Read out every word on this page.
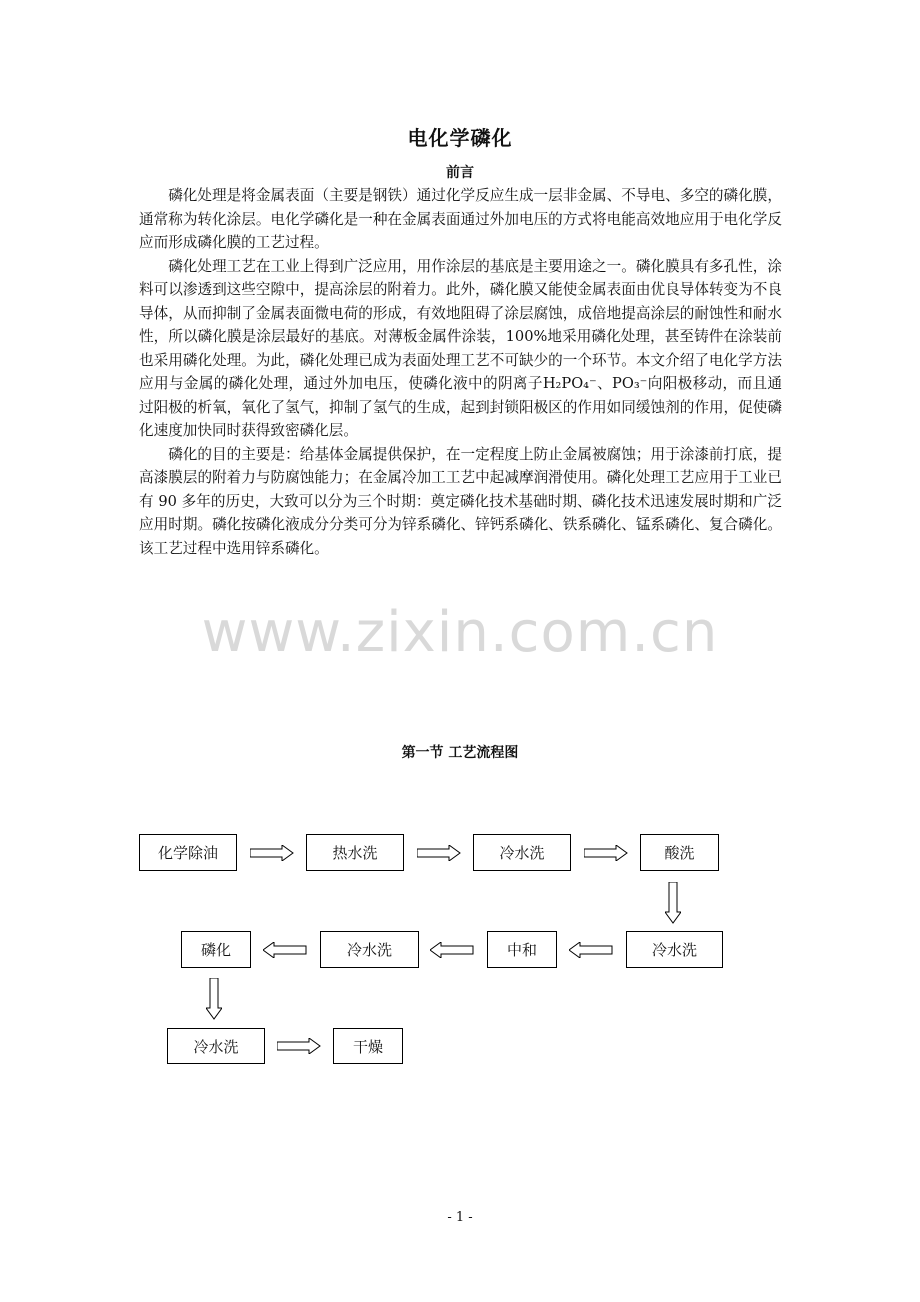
电化学磷化
前言

磷化处理是将金属表面（主要是钢铁）通过化学反应生成一层非金属、不导电、多空的磷化膜，通常称为转化涂层。电化学磷化是一种在金属表面通过外加电压的方式将电能高效地应用于电化学反应而形成磷化膜的工艺过程。

磷化处理工艺在工业上得到广泛应用，用作涂层的基底是主要用途之一。磷化膜具有多孔性，涂料可以渗透到这些空隙中，提高涂层的附着力。此外，磷化膜又能使金属表面由优良导体转变为不良导体，从而抑制了金属表面微电荷的形成，有效地阻碍了涂层腐蚀，成倍地提高涂层的耐蚀性和耐水性，所以磷化膜是涂层最好的基底。对薄板金属件涂装，100%地采用磷化处理，甚至铸件在涂装前也采用磷化处理。为此，磷化处理已成为表面处理工艺不可缺少的一个环节。本文介绍了电化学方法应用与金属的磷化处理，通过外加电压，使磷化液中的阴离子H₂PO₄⁻、PO₃⁻向阳极移动，而且通过阳极的析氧，氧化了氢气，抑制了氢气的生成，起到封锁阳极区的作用如同缓蚀剂的作用，促使磷化速度加快同时获得致密磷化层。

磷化的目的主要是：给基体金属提供保护，在一定程度上防止金属被腐蚀；用于涂漆前打底，提高漆膜层的附着力与防腐蚀能力；在金属冷加工工艺中起减摩润滑使用。磷化处理工艺应用于工业已有 90 多年的历史，大致可以分为三个时期：奠定磷化技术基础时期、磷化技术迅速发展时期和广泛应用时期。磷化按磷化液成分分类可分为锌系磷化、锌钙系磷化、铁系磷化、锰系磷化、复合磷化。该工艺过程中选用锌系磷化。

www.zixin.com.cn
第一节 工艺流程图
化学除油	热水洗	冷水洗	酸洗
冷水洗
中和
冷水洗
磷化
冷水洗	干燥
- 1 -
